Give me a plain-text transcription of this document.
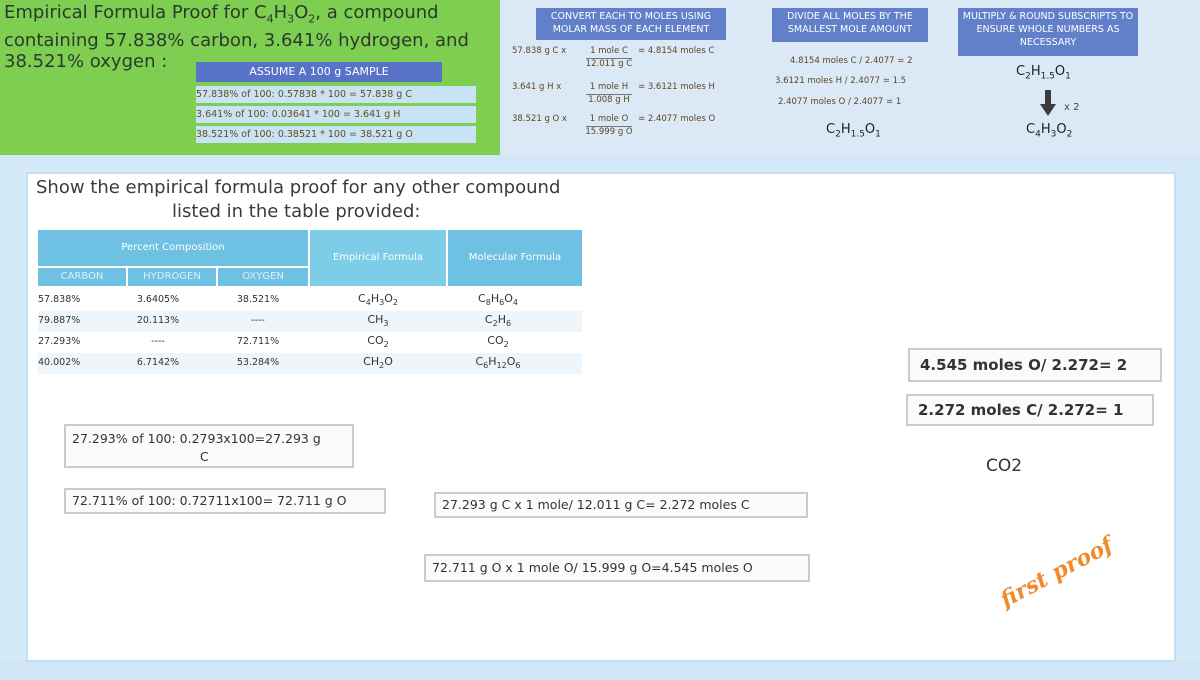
Empirical Formula Proof for $C_4H_3O_2$, a compound
containing 57.838% carbon, 3.641% hydrogen, and 38.521% oxygen :	ASSUME A 100 g SAMPLE
57.838% of 100: 0.57838 * 100 = 57.838 g C
3.641% of 100: 0.03641 * 100 = 3.641 g H
38.521% of 100: 0.38521 * 100 = 38.521 g O
CONVERT EACH TO MOLES USING MOLAR MASS OF EACH ELEMENT
57.838 g C x	1 mole C
12.011 g C
= 4.8154 moles C
3.641 g H x	1 mole H
1.008 g H
= 3.6121 moles H
38.521 g O x	1 mole O
15.999 g O
= 2.4077 moles O
DIVIDE ALL MOLES BY THE SMALLEST MOLE AMOUNT
4.8154 moles C / 2.4077 = 2
3.6121 moles H / 2.4077 = 1.5
2.4077 moles O / 2.4077 = 1
$C_2H_{1.5}O_1$
MULTIPLY & ROUND SUBSCRIPTS TO ENSURE WHOLE NUMBERS AS NECESSARY
$C_2H_{1.5}O_1$
x 2
$C_4H_3O_2$
Show the empirical formula proof for any other compound
listed in the table provided:
Percent Composition
Empirical Formula	Molecular Formula
CARBON	HYDROGEN	OXYGEN
57.838%	3.6405%	38.521%	$C_4H_3O_2$	$C_8H_6O_4$
79.887%	20.113%	----	$CH_3$	$C_2H_6$
27.293%	----	72.711%	$CO_2$	$CO_2$
40.002%	6.7142%	53.284%	$CH_2O$	$C_6H_{12}O_6$
27.293% of 100: 0.2793x100=27.293 g
C
72.711% of 100: 0.72711x100= 72.711 g O	27.293 g C x 1 mole/ 12.011 g C= 2.272 moles C
72.711 g O x 1 mole O/ 15.999 g O=4.545 moles O
4.545 moles O/ 2.272= 2
2.272 moles C/ 2.272= 1
CO2
first proof
